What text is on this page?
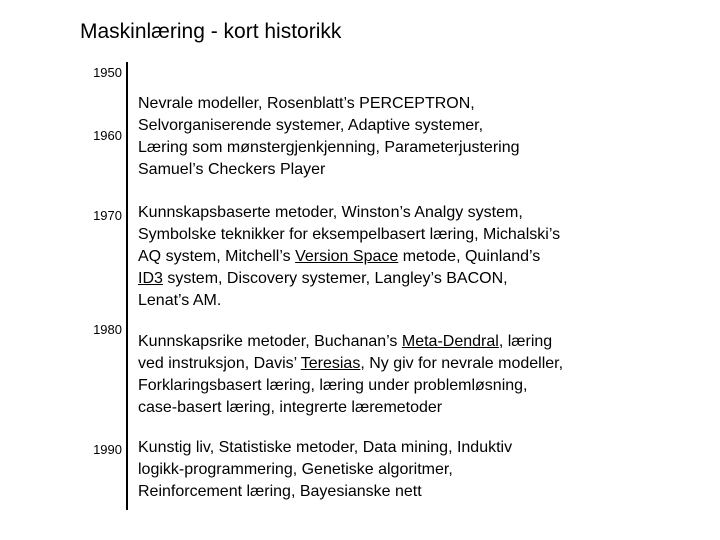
Maskinlæring - kort historikk
1950
1960
1970
1980
1990
Nevrale modeller, Rosenblatt’s PERCEPTRON,
Selvorganiserende systemer, Adaptive systemer,
Læring som mønstergjenkjenning, Parameterjustering
Samuel’s Checkers Player
Kunnskapsbaserte metoder, Winston’s Analgy system,
Symbolske teknikker for eksempelbasert læring, Michalski’s
AQ system, Mitchell’s Version Space metode, Quinland’s
ID3 system, Discovery systemer, Langley’s BACON,
Lenat’s AM.
Kunnskapsrike metoder, Buchanan’s Meta-Dendral, læring
ved instruksjon, Davis’ Teresias, Ny giv for nevrale modeller,
Forklaringsbasert læring, læring under problemløsning,
case-basert læring, integrerte læremetoder
Kunstig liv, Statistiske metoder, Data mining, Induktiv
logikk-programmering, Genetiske algoritmer,
Reinforcement læring, Bayesianske nett
